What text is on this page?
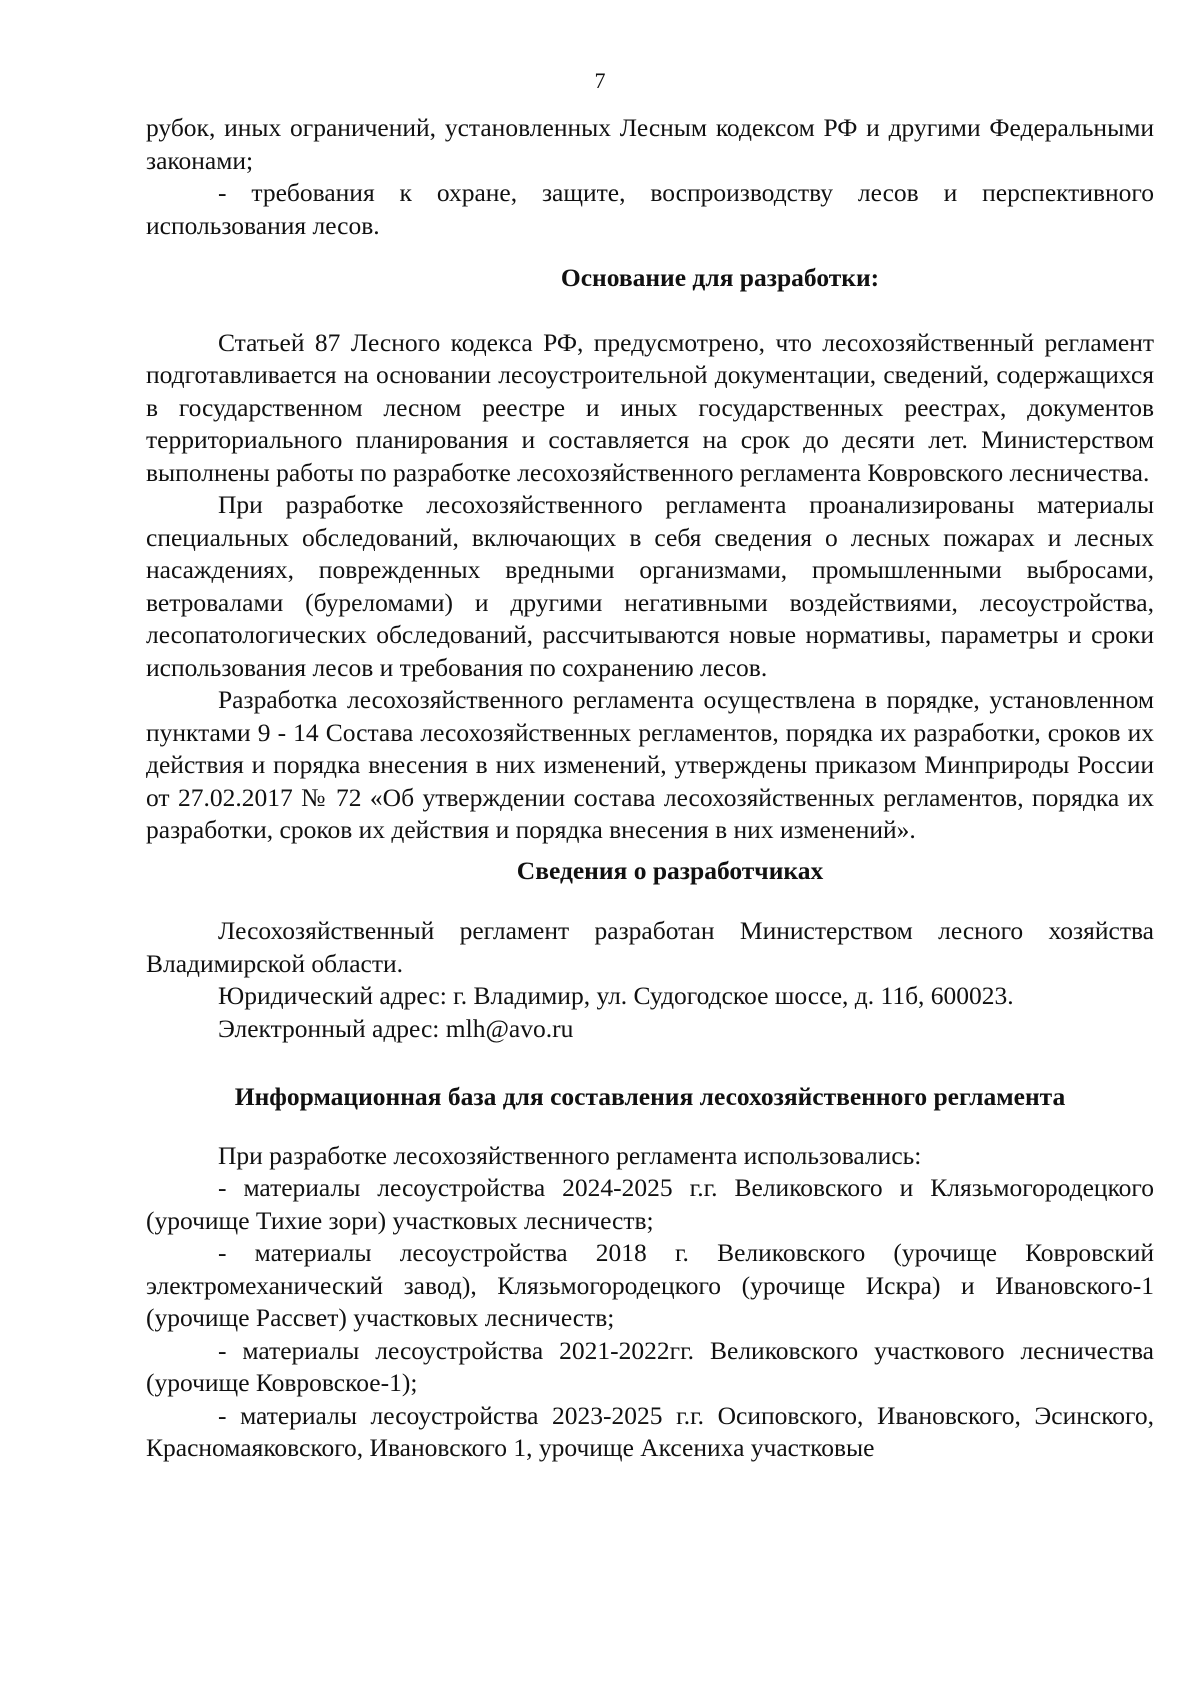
7

рубок, иных ограничений, установленных Лесным кодексом РФ и другими Федеральными законами;

- требования к охране, защите, воспроизводству лесов и перспективного использования лесов.

Основание для разработки:

Статьей 87 Лесного кодекса РФ, предусмотрено, что лесохозяйственный регламент подготавливается на основании лесоустроительной документации, сведений, содержащихся в государственном лесном реестре и иных государственных реестрах, документов территориального планирования и составляется на срок до десяти лет. Министерством выполнены работы по разработке лесохозяйственного регламента Ковровского лесничества.

При разработке лесохозяйственного регламента проанализированы материалы специальных обследований, включающих в себя сведения о лесных пожарах и лесных насаждениях, поврежденных вредными организмами, промышленными выбросами, ветровалами (буреломами) и другими негативными воздействиями, лесоустройства, лесопатологических обследований, рассчитываются новые нормативы, параметры и сроки использования лесов и требования по сохранению лесов.

Разработка лесохозяйственного регламента осуществлена в порядке, установленном пунктами 9 - 14 Состава лесохозяйственных регламентов, порядка их разработки, сроков их действия и порядка внесения в них изменений, утверждены приказом Минприроды России от 27.02.2017 № 72 «Об утверждении состава лесохозяйственных регламентов, порядка их разработки, сроков их действия и порядка внесения в них изменений».

Сведения о разработчиках

Лесохозяйственный регламент разработан Министерством лесного хозяйства Владимирской области.

Юридический адрес: г. Владимир, ул. Судогодское шоссе, д. 11б, 600023.

Электронный адрес: mlh@avo.ru

Информационная база для составления лесохозяйственного регламента

При разработке лесохозяйственного регламента использовались:

- материалы лесоустройства 2024-2025 г.г. Великовского и Клязьмогородецкого (урочище Тихие зори) участковых лесничеств;

- материалы лесоустройства 2018 г. Великовского (урочище Ковровский электромеханический завод), Клязьмогородецкого (урочище Искра) и Ивановского-1 (урочище Рассвет) участковых лесничеств;

- материалы лесоустройства 2021-2022гг. Великовского участкового лесничества (урочище Ковровское-1);

- материалы лесоустройства 2023-2025 г.г. Осиповского, Ивановского, Эсинского, Красномаяковского, Ивановского 1, урочище Аксениха участковые
